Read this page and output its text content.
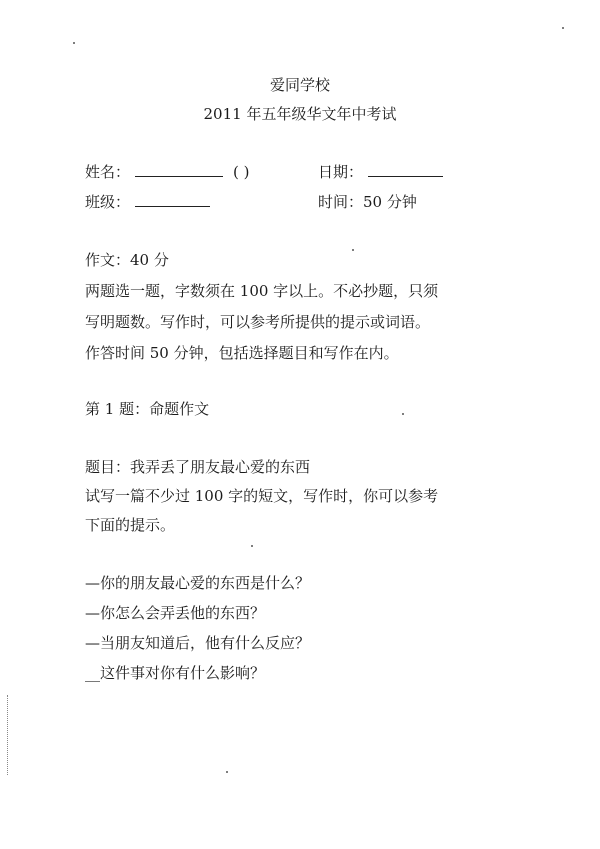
爱同学校
2011 年五年级华文年中考试
姓名：	( )	日期：
班级：	时间：50 分钟
作文：40 分
两题选一题，字数须在 100 字以上。不必抄题，只须
写明题数。写作时，可以参考所提供的提示或词语。
作答时间 50 分钟，包括选择题目和写作在内。
第 1 题：命题作文
题目：我弄丢了朋友最心爱的东西
试写一篇不少过 100 字的短文，写作时，你可以参考
下面的提示。
—你的朋友最心爱的东西是什么？
—你怎么会弄丢他的东西？
—当朋友知道后，他有什么反应？
__这件事对你有什么影响？
